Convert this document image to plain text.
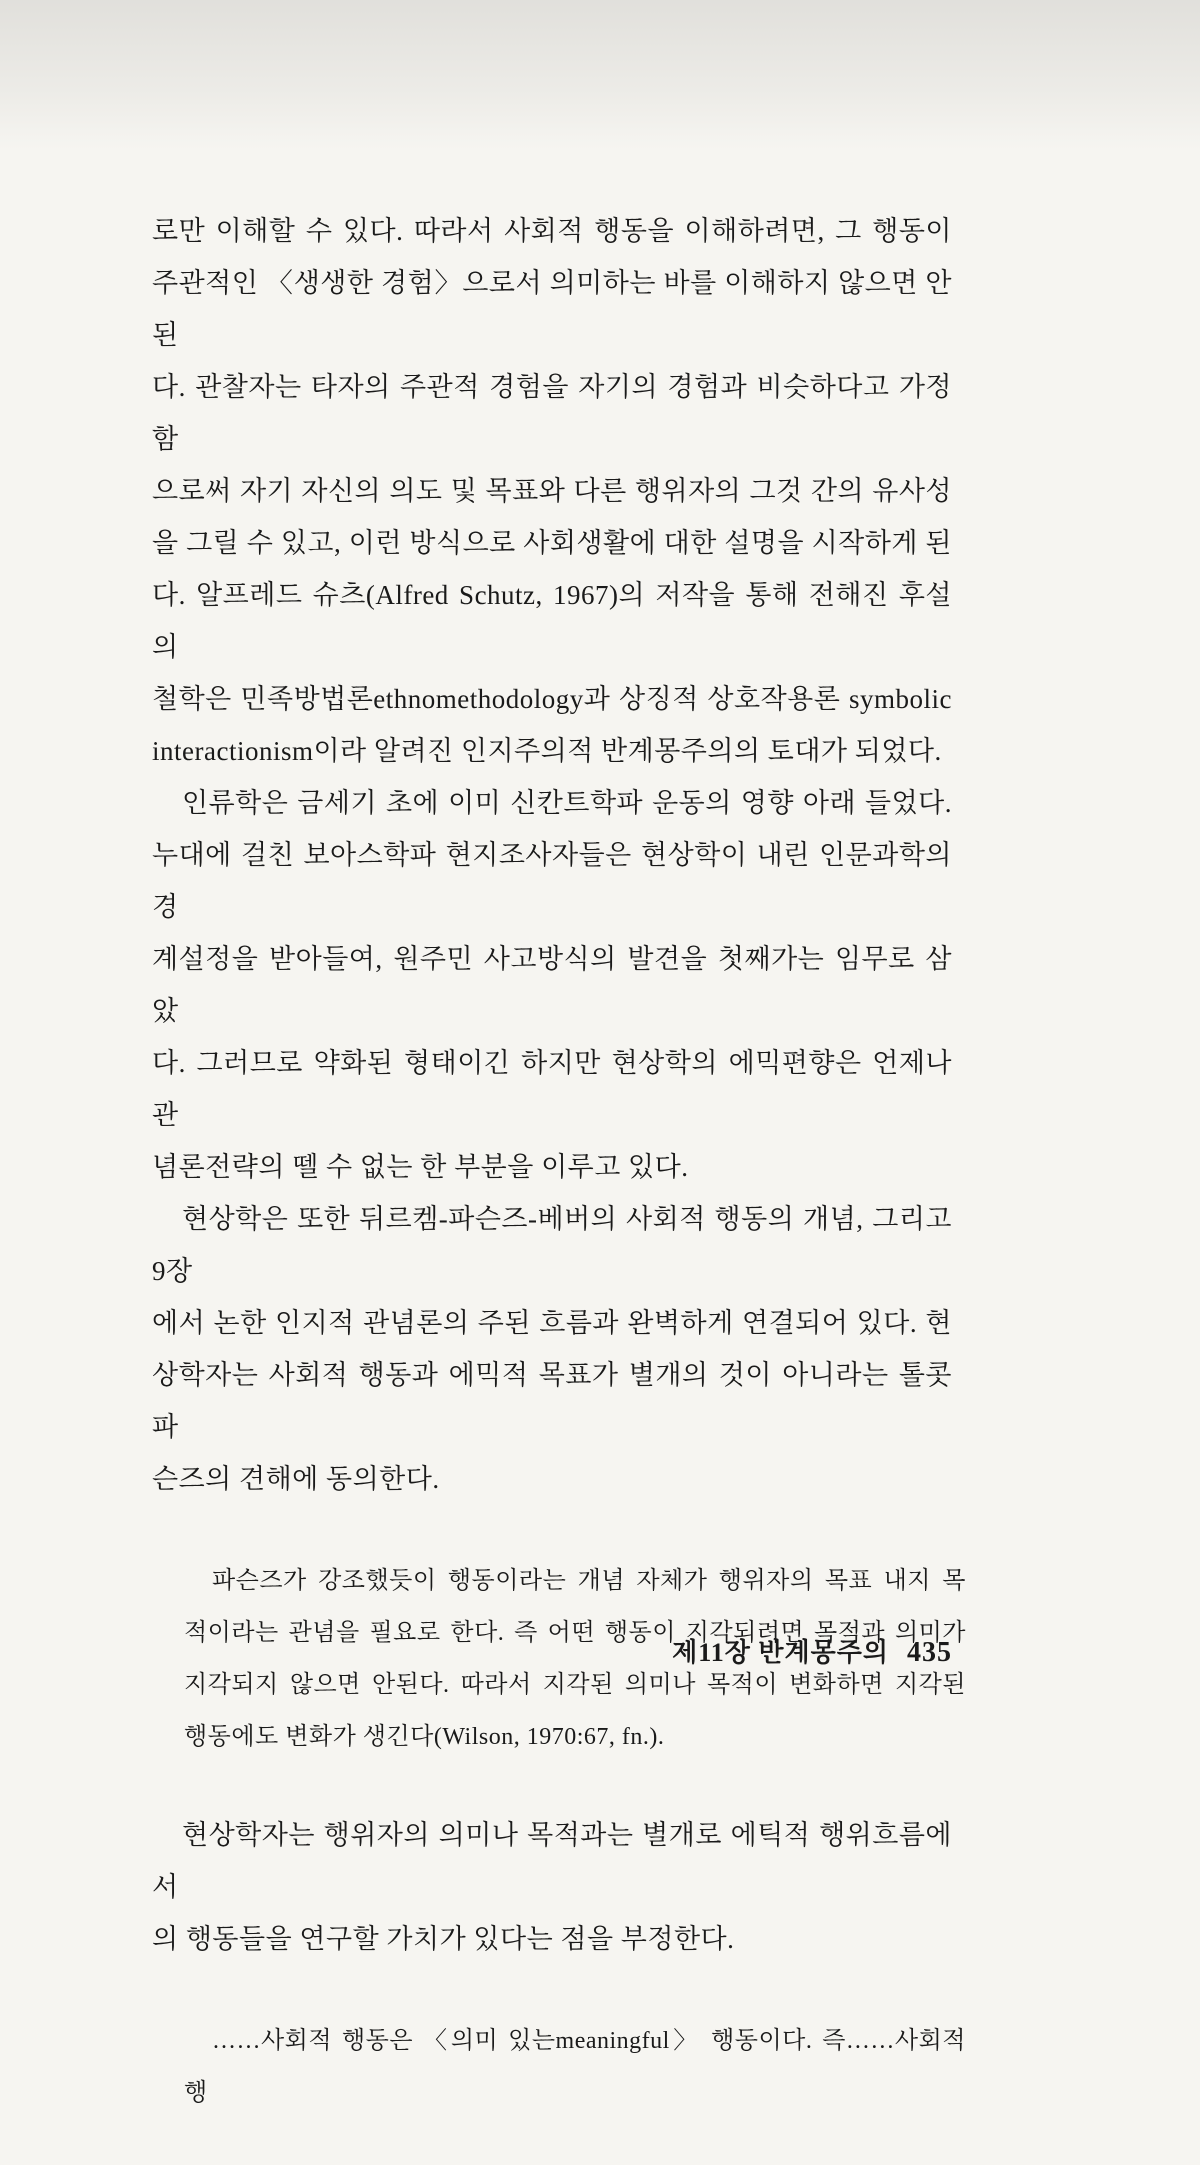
로만 이해할 수 있다. 따라서 사회적 행동을 이해하려면, 그 행동이
주관적인 〈생생한 경험〉으로서 의미하는 바를 이해하지 않으면 안된
다. 관찰자는 타자의 주관적 경험을 자기의 경험과 비슷하다고 가정함
으로써 자기 자신의 의도 및 목표와 다른 행위자의 그것 간의 유사성
을 그릴 수 있고, 이런 방식으로 사회생활에 대한 설명을 시작하게 된
다. 알프레드 슈츠(Alfred Schutz, 1967)의 저작을 통해 전해진 후설의
철학은 민족방법론ethnomethodology과 상징적 상호작용론 symbolic
interactionism이라 알려진 인지주의적 반계몽주의의 토대가 되었다.
인류학은 금세기 초에 이미 신칸트학파 운동의 영향 아래 들었다.
누대에 걸친 보아스학파 현지조사자들은 현상학이 내린 인문과학의 경
계설정을 받아들여, 원주민 사고방식의 발견을 첫째가는 임무로 삼았
다. 그러므로 약화된 형태이긴 하지만 현상학의 에믹편향은 언제나 관
념론전략의 뗄 수 없는 한 부분을 이루고 있다.
현상학은 또한 뒤르켐-파슨즈-베버의 사회적 행동의 개념, 그리고 9장
에서 논한 인지적 관념론의 주된 흐름과 완벽하게 연결되어 있다. 현
상학자는 사회적 행동과 에믹적 목표가 별개의 것이 아니라는 톨콧 파
슨즈의 견해에 동의한다.
파슨즈가 강조했듯이 행동이라는 개념 자체가 행위자의 목표 내지 목
적이라는 관념을 필요로 한다. 즉 어떤 행동이 지각되려면 목적과 의미가
지각되지 않으면 안된다. 따라서 지각된 의미나 목적이 변화하면 지각된
행동에도 변화가 생긴다(Wilson, 1970:67, fn.).
현상학자는 행위자의 의미나 목적과는 별개로 에틱적 행위흐름에서
의 행동들을 연구할 가치가 있다는 점을 부정한다.
……사회적 행동은 〈의미 있는meaningful〉 행동이다. 즉……사회적 행
제11장 반계몽주의 435
